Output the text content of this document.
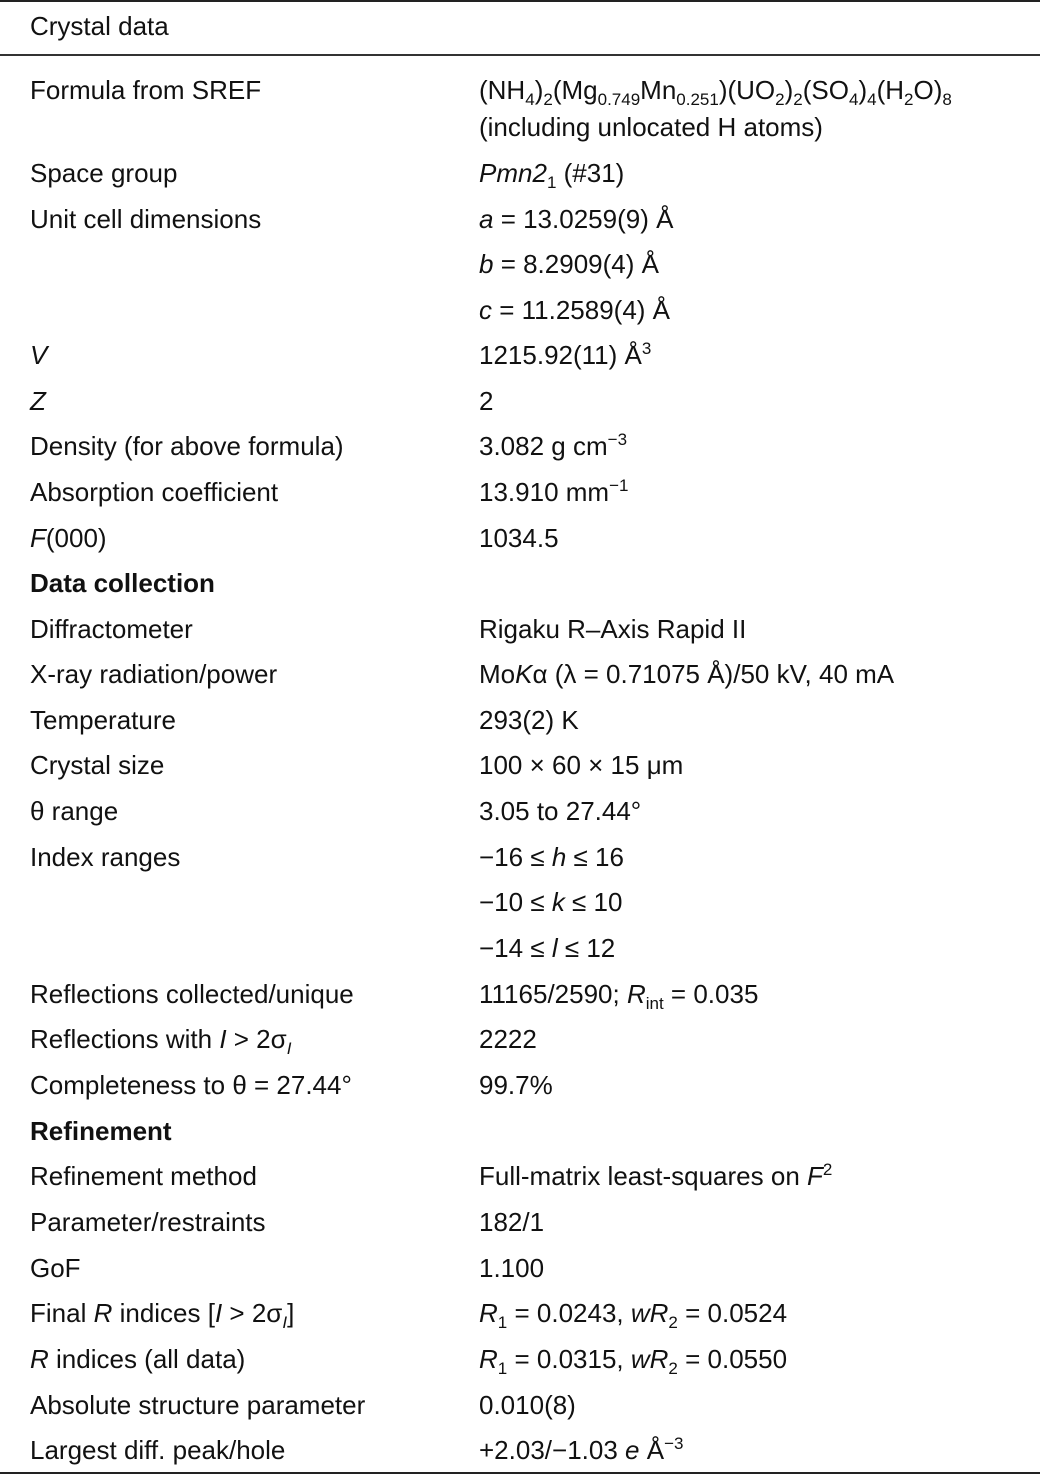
Crystal data
Formula from SREF	$(NH_4)_2(Mg_{0.749}Mn_{0.251})(UO_2)_2(SO_4)_4(H_2O)_8$
(including unlocated H atoms)
Space group	$Pmn2_1$ (#31)
Unit cell dimensions	a = 13.0259(9) Å
b = 8.2909(4) Å
c = 11.2589(4) Å
V	1215.92(11) $Å^3$
Z	2
Density (for above formula)	3.082 g $cm^{-3}$
Absorption coefficient	13.910 $mm^{-1}$
F(000)	1034.5
Data collection
Diffractometer	Rigaku R–Axis Rapid II
X-ray radiation/power	MoKα (λ = 0.71075 Å)/50 kV, 40 mA
Temperature	293(2) K
Crystal size	100 × 60 × 15 μm
θ range	3.05 to 27.44°
Index ranges	−16 ≤ h ≤ 16
−10 ≤ k ≤ 10
−14 ≤ l ≤ 12
Reflections collected/unique	11165/2590; $R_{int} = 0.035$
Reflections with $I > 2\sigma_I$	2222
Completeness to θ = 27.44°	99.7%
Refinement
Refinement method	Full-matrix least-squares on $F^2$
Parameter/restraints	182/1
GoF	1.100
Final R indices $[I > 2\sigma_I]$	$R_1 = 0.0243$, $wR_2 = 0.0524$
R indices (all data)	$R_1 = 0.0315$, $wR_2 = 0.0550$
Absolute structure parameter	0.010(8)
Largest diff. peak/hole	+2.03/−1.03 e $Å^{-3}$
